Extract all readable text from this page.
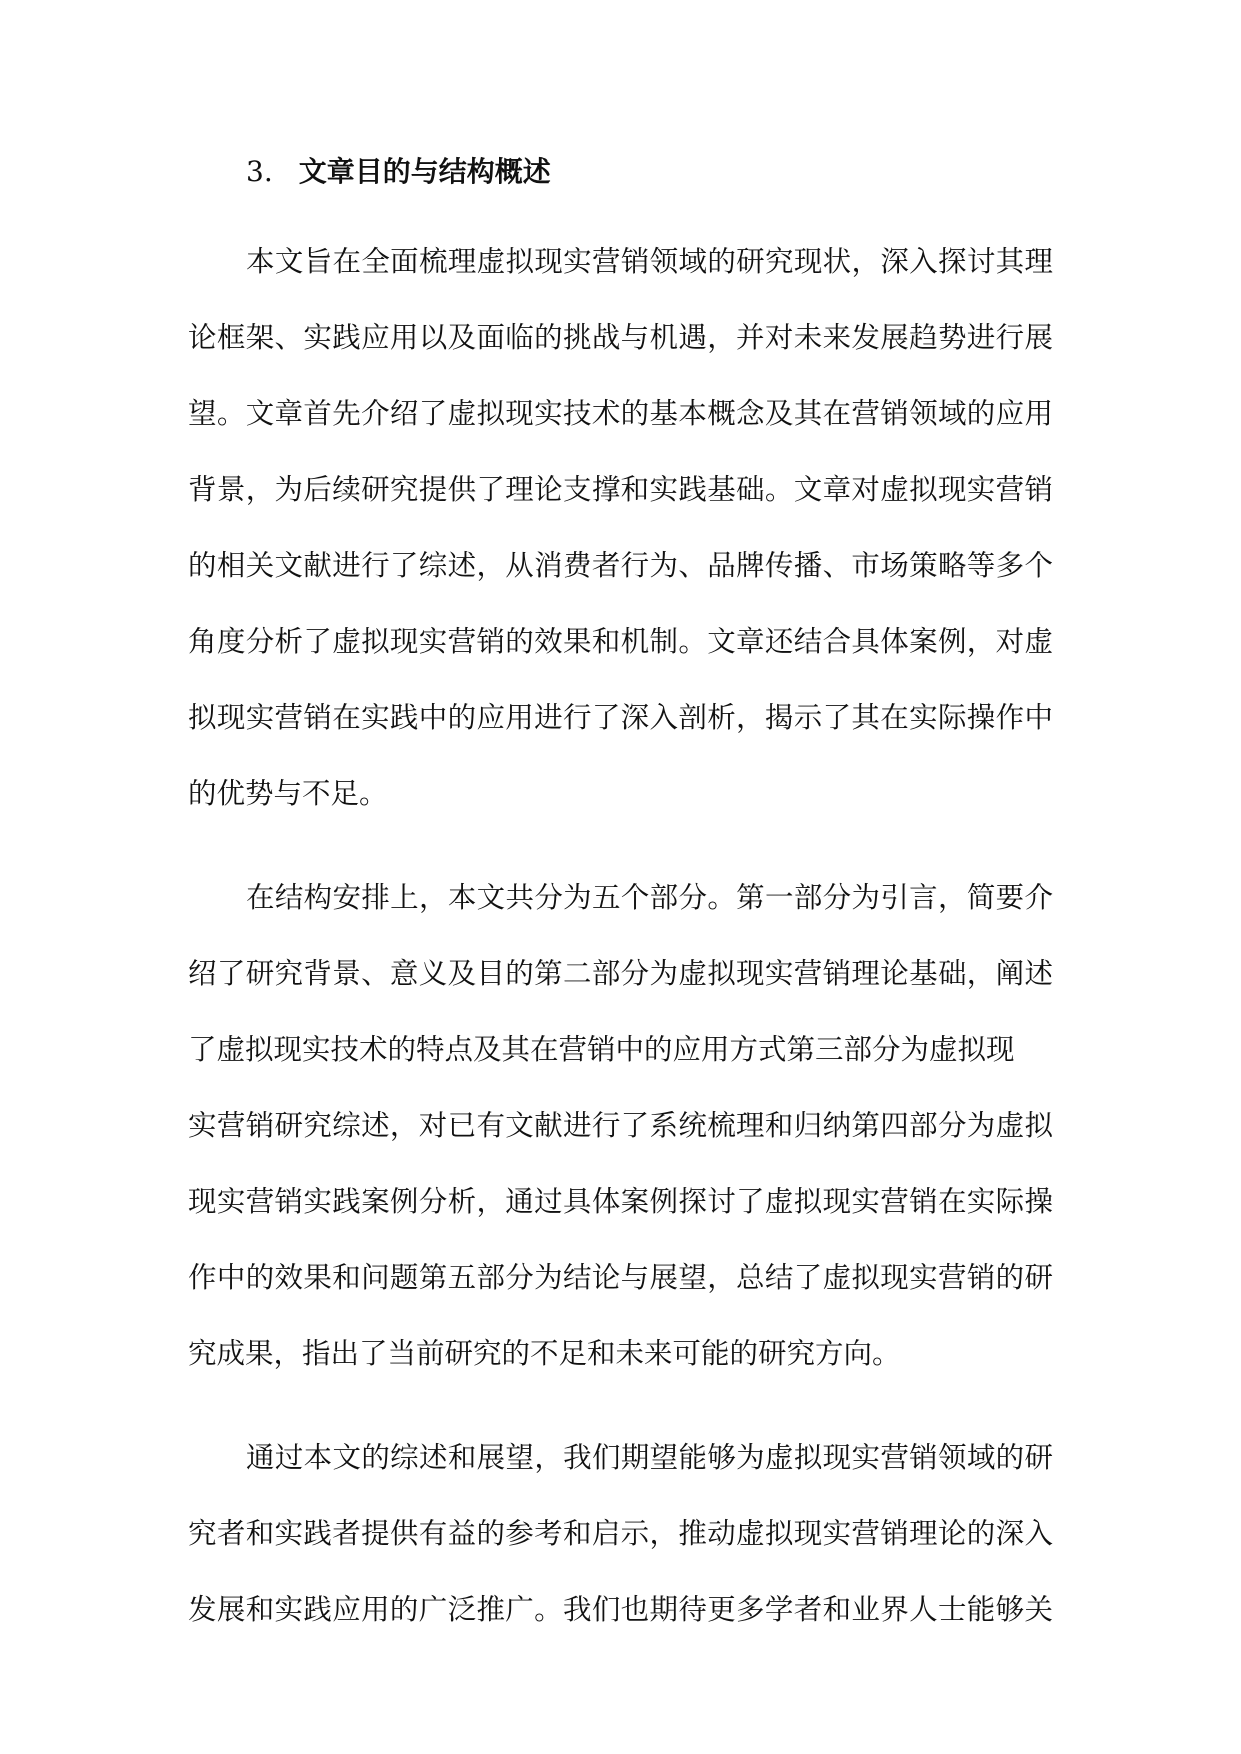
3. 文章目的与结构概述
本文旨在全面梳理虚拟现实营销领域的研究现状，深入探讨其理
论框架、实践应用以及面临的挑战与机遇，并对未来发展趋势进行展
望。文章首先介绍了虚拟现实技术的基本概念及其在营销领域的应用
背景，为后续研究提供了理论支撑和实践基础。文章对虚拟现实营销
的相关文献进行了综述，从消费者行为、品牌传播、市场策略等多个
角度分析了虚拟现实营销的效果和机制。文章还结合具体案例，对虚
拟现实营销在实践中的应用进行了深入剖析，揭示了其在实际操作中
的优势与不足。
在结构安排上，本文共分为五个部分。第一部分为引言，简要介
绍了研究背景、意义及目的第二部分为虚拟现实营销理论基础，阐述
了虚拟现实技术的特点及其在营销中的应用方式第三部分为虚拟现
实营销研究综述，对已有文献进行了系统梳理和归纳第四部分为虚拟
现实营销实践案例分析，通过具体案例探讨了虚拟现实营销在实际操
作中的效果和问题第五部分为结论与展望，总结了虚拟现实营销的研
究成果，指出了当前研究的不足和未来可能的研究方向。
通过本文的综述和展望，我们期望能够为虚拟现实营销领域的研
究者和实践者提供有益的参考和启示，推动虚拟现实营销理论的深入
发展和实践应用的广泛推广。我们也期待更多学者和业界人士能够关
